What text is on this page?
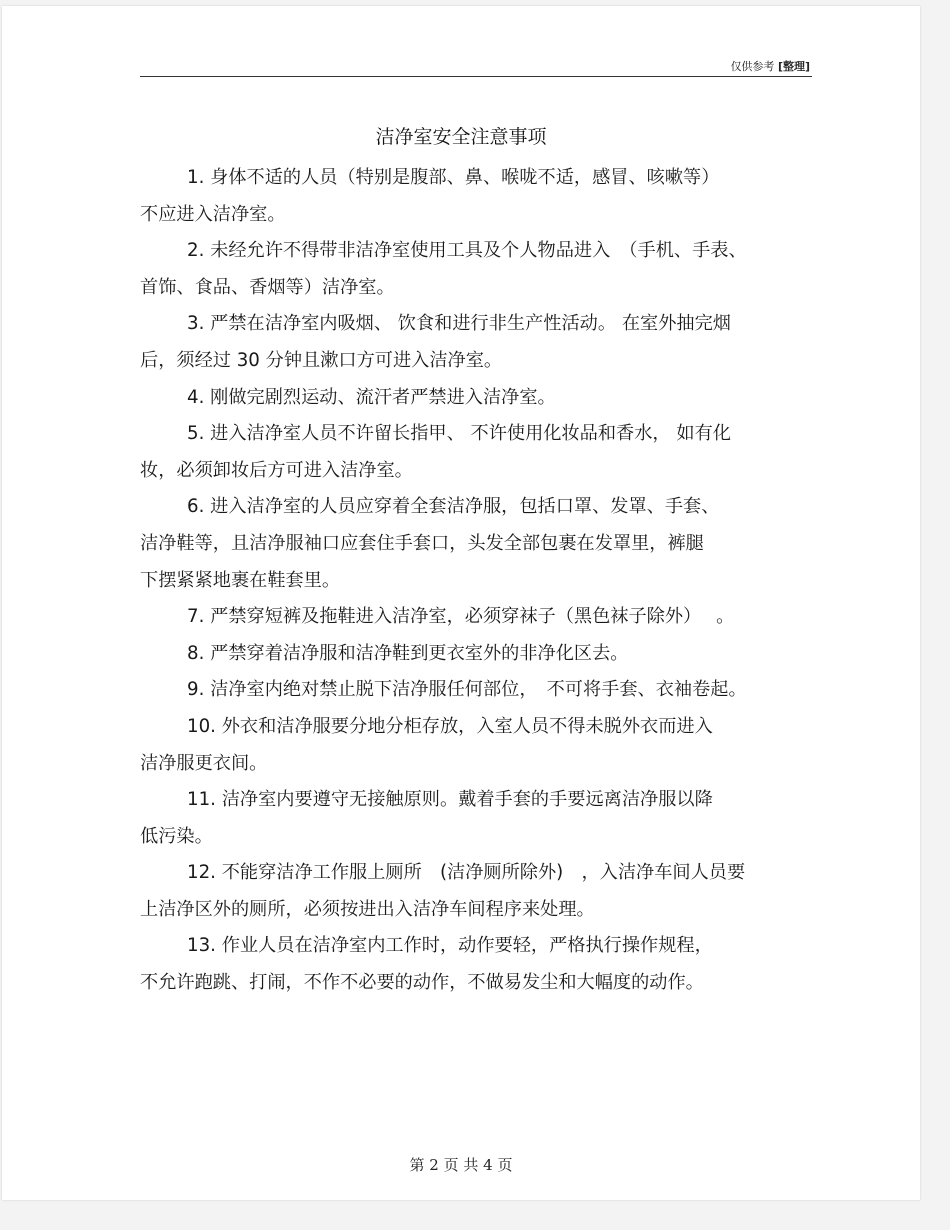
仅供参考 [整理]
洁净室安全注意事项
1. 身体不适的人员（特别是腹部、鼻、喉咙不适，感冒、咳嗽等）
不应进入洁净室。
2. 未经允许不得带非洁净室使用工具及个人物品进入　（手机、手表、
首饰、食品、香烟等）洁净室。
3. 严禁在洁净室内吸烟、 饮食和进行非生产性活动。 在室外抽完烟
后，须经过 30 分钟且漱口方可进入洁净室。
4. 刚做完剧烈运动、流汗者严禁进入洁净室。
5. 进入洁净室人员不许留长指甲、 不许使用化妆品和香水， 如有化
妆，必须卸妆后方可进入洁净室。
6. 进入洁净室的人员应穿着全套洁净服，包括口罩、发罩、手套、
洁净鞋等，且洁净服袖口应套住手套口，头发全部包裹在发罩里，裤腿
下摆紧紧地裹在鞋套里。
7. 严禁穿短裤及拖鞋进入洁净室，必须穿袜子（黑色袜子除外）　 。
8. 严禁穿着洁净服和洁净鞋到更衣室外的非净化区去。
9. 洁净室内绝对禁止脱下洁净服任何部位，　不可将手套、衣袖卷起。
10. 外衣和洁净服要分地分柜存放，入室人员不得未脱外衣而进入
洁净服更衣间。
11. 洁净室内要遵守无接触原则。戴着手套的手要远离洁净服以降
低污染。
12. 不能穿洁净工作服上厕所　(洁净厕所除外)　，入洁净车间人员要
上洁净区外的厕所，必须按进出入洁净车间程序来处理。
13. 作业人员在洁净室内工作时，动作要轻，严格执行操作规程，
不允许跑跳、打闹，不作不必要的动作，不做易发尘和大幅度的动作。
第 2 页 共 4 页
